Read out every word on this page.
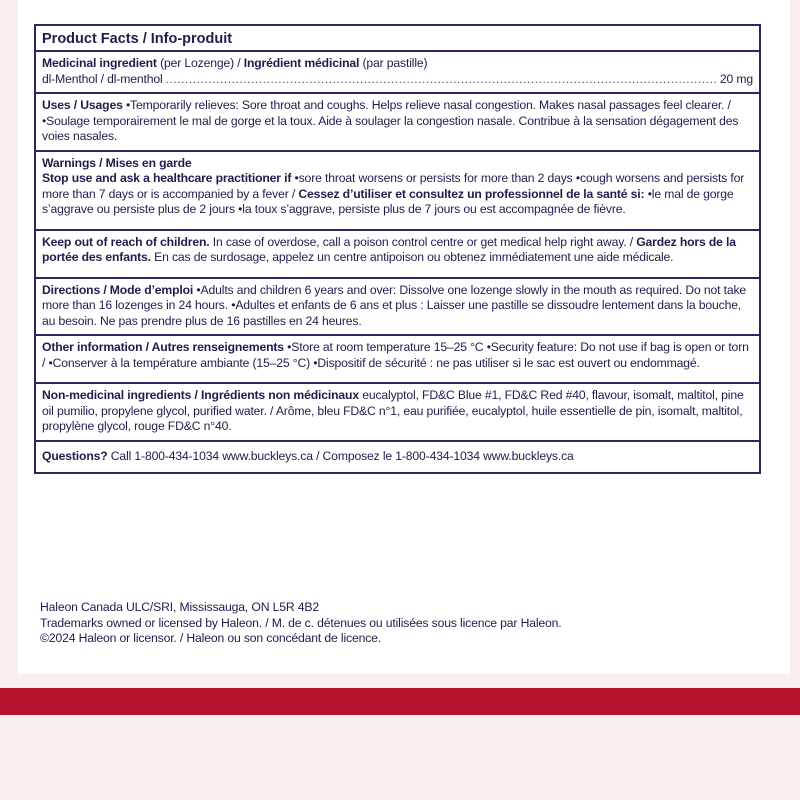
Product Facts / Info-produit
Medicinal ingredient (per Lozenge) / Ingrédient médicinal (par pastille)
dl-Menthol / dl-menthol
.....	20 mg
Uses / Usages •Temporarily relieves: Sore throat and coughs. Helps relieve nasal congestion. Makes nasal passages feel clearer. / •Soulage temporairement le mal de gorge et la toux. Aide à soulager la congestion nasale. Contribue à la sensation dégagement des voies nasales.
Warnings / Mises en garde
Stop use and ask a healthcare practitioner if •sore throat worsens or persists for more than 2 days •cough worsens and persists for more than 7 days or is accompanied by a fever / Cessez d’utiliser et consultez un professionnel de la santé si: •le mal de gorge s’aggrave ou persiste plus de 2 jours •la toux s’aggrave, persiste plus de 7 jours ou est accompagnée de fièvre.
Keep out of reach of children. In case of overdose, call a poison control centre or get medical help right away. / Gardez hors de la portée des enfants. En cas de surdosage, appelez un centre antipoison ou obtenez immédiatement une aide médicale.
Directions / Mode d’emploi •Adults and children 6 years and over: Dissolve one lozenge slowly in the mouth as required. Do not take more than 16 lozenges in 24 hours. •Adultes et enfants de 6 ans et plus : Laisser une pastille se dissoudre lentement dans la bouche, au besoin. Ne pas prendre plus de 16 pastilles en 24 heures.
Other information / Autres renseignements •Store at room temperature 15–25 °C •Security feature: Do not use if bag is open or torn / •Conserver à la température ambiante (15–25 °C) •Dispositif de sécurité : ne pas utiliser si le sac est ouvert ou endommagé.
Non-medicinal ingredients / Ingrédients non médicinaux eucalyptol, FD&C Blue #1, FD&C Red #40, flavour, isomalt, maltitol, pine oil pumilio, propylene glycol, purified water. / Arôme, bleu FD&C n°1, eau purifiée, eucalyptol, huile essentielle de pin, isomalt, maltitol, propylène glycol, rouge FD&C n°40.
Questions? Call 1-800-434-1034 www.buckleys.ca / Composez le 1-800-434-1034 www.buckleys.ca
Haleon Canada ULC/SRI, Mississauga, ON L5R 4B2
Trademarks owned or licensed by Haleon. / M. de c. détenues ou utilisées sous licence par Haleon.
©2024 Haleon or licensor. / Haleon ou son concédant de licence.
